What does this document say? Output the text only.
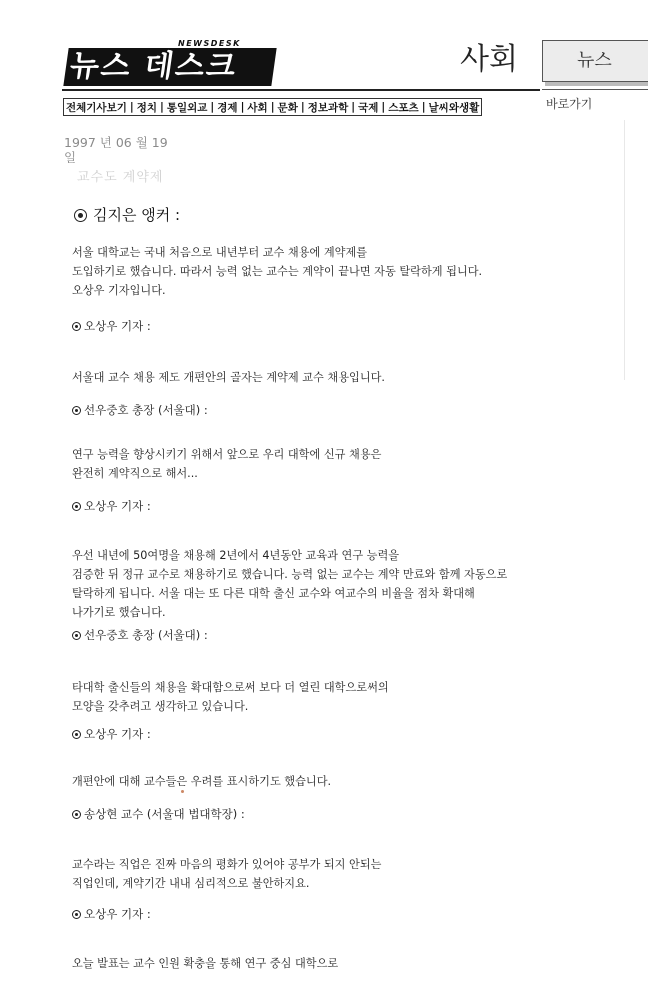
뉴스 데스크
NEWSDESK	사회	뉴스
전체기사보기 | 정치 | 통일외교 | 경제 | 사회 | 문화 | 정보과학 | 국제 | 스포츠 | 날씨와생활	바로가기
1997 년 06 월 19
일
교수도 계약제
김지은 앵커 :
서울 대학교는 국내 처음으로 내년부터 교수 채용에 계약제를
도입하기로 했습니다. 따라서 능력 없는 교수는 계약이 끝나면 자동 탈락하게 됩니다.
오상우 기자입니다.
오상우 기자 :
서울대 교수 채용 제도 개편안의 골자는 계약제 교수 채용입니다.
선우중호 총장 (서울대) :
연구 능력을 향상시키기 위해서 앞으로 우리 대학에 신규 채용은
완전히 계약직으로 해서...
오상우 기자 :
우선 내년에 50여명을 채용해 2년에서 4년동안 교육과 연구 능력을
검증한 뒤 정규 교수로 채용하기로 했습니다. 능력 없는 교수는 계약 만료와 함께 자동으로
탈락하게 됩니다. 서울 대는 또 다른 대학 출신 교수와 여교수의 비율을 점차 확대해
나가기로 했습니다.
선우중호 총장 (서울대) :
타대학 출신들의 채용을 확대함으로써 보다 더 열린 대학으로써의
모양을 갖추려고 생각하고 있습니다.
오상우 기자 :
개편안에 대해 교수들은 우려를 표시하기도 했습니다.
송상현 교수 (서울대 법대학장) :
교수라는 직업은 진짜 마음의 평화가 있어야 공부가 되지 안되는
직업인데, 계약기간 내내 심리적으로 불안하지요.
오상우 기자 :
오늘 발표는 교수 인원 확충을 통해 연구 중심 대학으로
